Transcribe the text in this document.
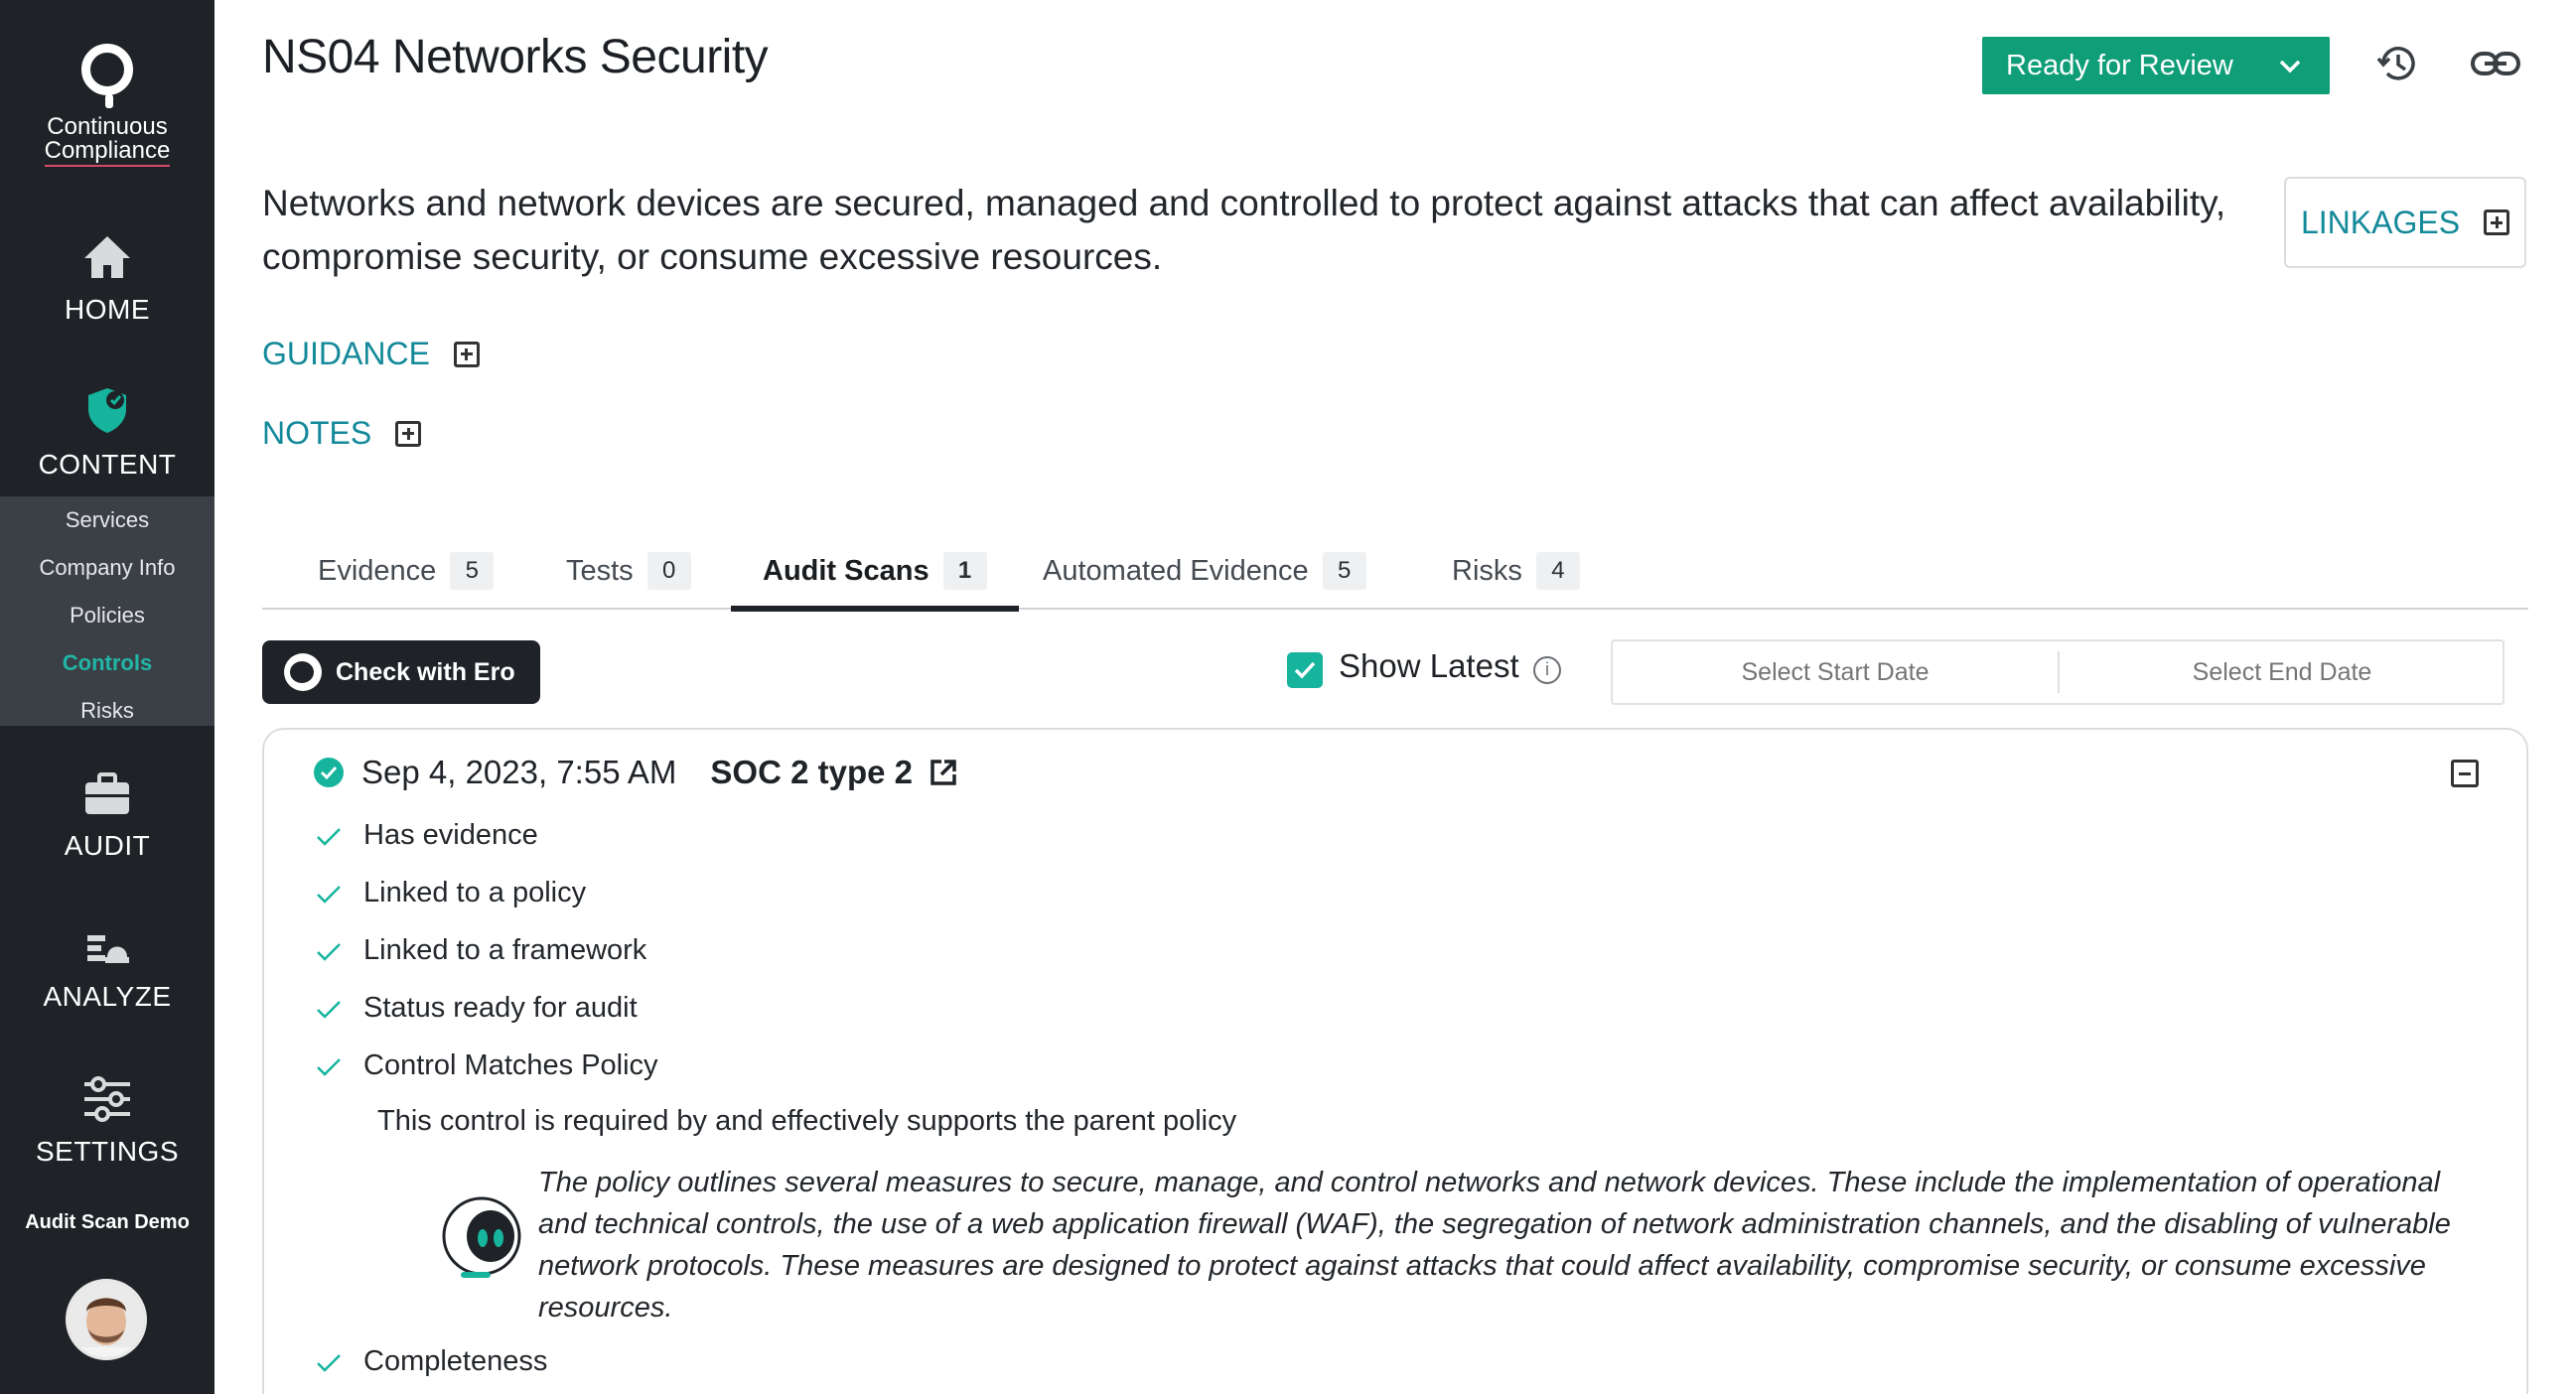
Continuous
Compliance
HOME
CONTENT
Services
Company Info
Policies
Controls
Risks
AUDIT
ANALYZE
SETTINGS
Audit Scan Demo
NS04 Networks Security	Ready for Review

Networks and network devices are secured, managed and controlled to protect against attacks that can affect availability, compromise security, or consume excessive resources.

LINKAGES
GUIDANCE
NOTES
Evidence	5	Tests	0	Audit Scans	1	Automated Evidence	5	Risks	4
Check with Ero	Show Latest	i
Select Start Date
Select End Date
Sep 4, 2023, 7:55 AM SOC 2 type 2
Has evidence
Linked to a policy
Linked to a framework
Status ready for audit
Control Matches Policy

This control is required by and effectively supports the parent policy

The policy outlines several measures to secure, manage, and control networks and network devices. These include the implementation of operational and technical controls, the use of a web application firewall (WAF), the segregation of network administration channels, and the disabling of vulnerable network protocols. These measures are designed to protect against attacks that could affect availability, compromise security, or consume excessive resources.

Completeness
